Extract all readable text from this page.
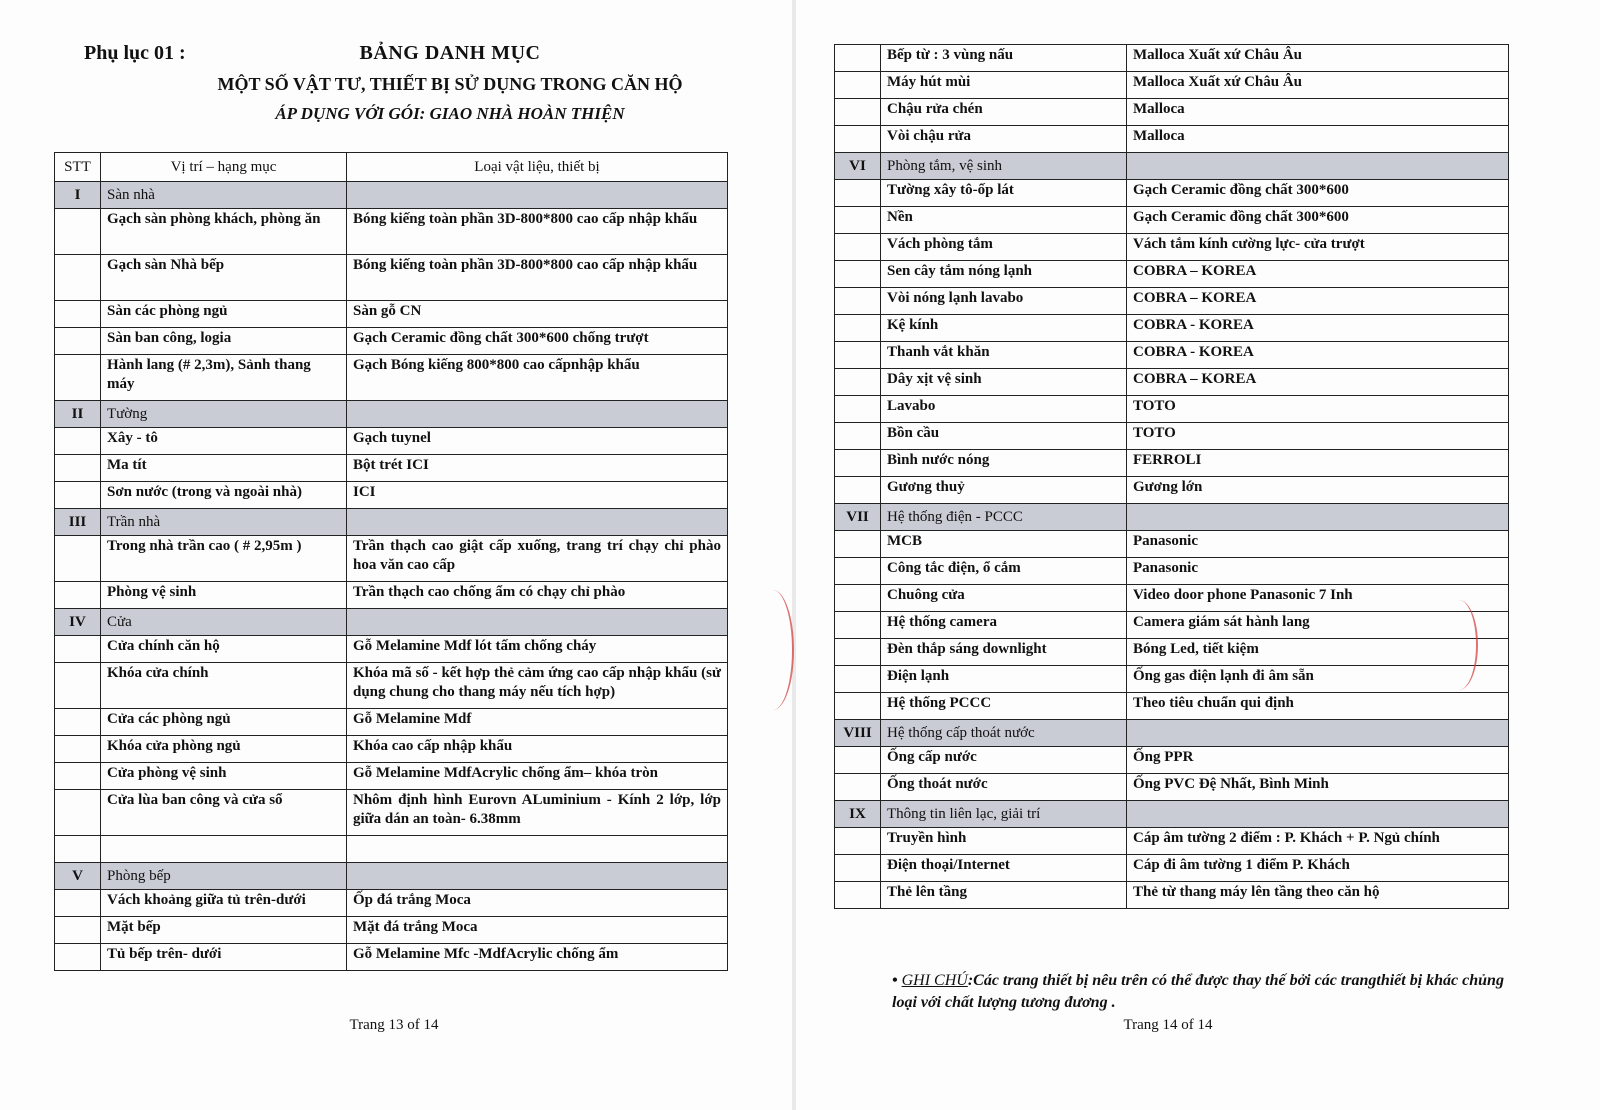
Phụ lục 01 :	BẢNG DANH MỤC
MỘT SỐ VẬT TƯ, THIẾT BỊ SỬ DỤNG TRONG CĂN HỘ
ÁP DỤNG VỚI GÓI: GIAO NHÀ HOÀN THIỆN
STT	Vị trí – hạng mục	Loại vật liệu, thiết bị
I	Sàn nhà	
	Gạch sàn phòng khách, phòng ăn	Bóng kiếng toàn phần 3D-800*800 cao cấp nhập khẩu
	Gạch sàn Nhà bếp	Bóng kiếng toàn phần 3D-800*800 cao cấp nhập khẩu
	Sàn các phòng ngủ	Sàn gỗ CN
	Sàn ban công, logia	Gạch Ceramic đồng chất 300*600 chống trượt
	Hành lang (# 2,3m), Sảnh thang máy	Gạch Bóng kiếng 800*800 cao cấpnhập khẩu
II	Tường	
	Xây - tô	Gạch tuynel
	Ma tít	Bột trét ICI
	Sơn nước (trong và ngoài nhà)	ICI
III	Trần nhà	
	Trong nhà trần cao ( # 2,95m )	Trần thạch cao giật cấp xuống, trang trí chạy chỉ phào hoa văn cao cấp
	Phòng vệ sinh	Trần thạch cao chống ẩm có chạy chỉ phào
IV	Cửa	
	Cửa chính căn hộ	Gỗ Melamine Mdf lót tấm chống cháy
	Khóa cửa chính	Khóa mã số - kết hợp thẻ cảm ứng cao cấp nhập khẩu (sử dụng chung cho thang máy nếu tích hợp)
	Cửa các phòng ngủ	Gỗ Melamine Mdf
	Khóa cửa phòng ngủ	Khóa cao cấp nhập khẩu
	Cửa phòng vệ sinh	Gỗ Melamine MdfAcrylic chống ẩm– khóa tròn
	Cửa lùa ban công và cửa sổ	Nhôm định hình Eurovn ALuminium - Kính 2 lớp, lớp giữa dán an toàn- 6.38mm

V	Phòng bếp	
	Vách khoảng giữa tủ trên-dưới	Ốp đá trắng Moca
	Mặt bếp	Mặt đá trắng Moca
	Tủ bếp trên- dưới	Gỗ Melamine Mfc -MdfAcrylic chống ẩm
Trang 13 of 14
	Bếp từ : 3 vùng nấu	Malloca Xuất xứ Châu Âu
	Máy hút mùi	Malloca Xuất xứ Châu Âu
	Chậu rửa chén	Malloca
	Vòi chậu rửa	Malloca
VI	Phòng tắm, vệ sinh	
	Tường xây tô-ốp lát	Gạch Ceramic đồng chất 300*600
	Nền	Gạch Ceramic đồng chất 300*600
	Vách phòng tắm	Vách tắm kính cường lực- cửa trượt
	Sen cây tắm nóng lạnh	COBRA – KOREA
	Vòi nóng lạnh lavabo	COBRA – KOREA
	Kệ kính	COBRA - KOREA
	Thanh vắt khăn	COBRA - KOREA
	Dây xịt vệ sinh	COBRA – KOREA
	Lavabo	TOTO
	Bồn cầu	TOTO
	Bình nước nóng	FERROLI
	Gương thuỷ	Gương lớn
VII	Hệ thống điện - PCCC	
	MCB	Panasonic
	Công tắc điện, ổ cắm	Panasonic
	Chuông cửa	Video door phone Panasonic 7 Inh
	Hệ thống camera	Camera giám sát hành lang
	Đèn thắp sáng downlight	Bóng Led, tiết kiệm
	Điện lạnh	Ống gas điện lạnh đi âm sẵn
	Hệ thống PCCC	Theo tiêu chuẩn qui định
VIII	Hệ thống cấp thoát nước	
	Ống cấp nước	Ống PPR
	Ống thoát nước	Ống PVC Đệ Nhất, Bình Minh
IX	Thông tin liên lạc, giải trí	
	Truyền hình	Cáp âm tường 2 điểm : P. Khách + P. Ngủ chính
	Điện thoại/Internet	Cáp đi âm tường 1 điểm P. Khách
	Thẻ lên tầng	Thẻ từ thang máy lên tầng theo căn hộ
Trang 14 of 14
• GHI CHÚ:Các trang thiết bị nêu trên có thể được thay thế bởi các trangthiết bị khác chủng loại với chất lượng tương đương .
